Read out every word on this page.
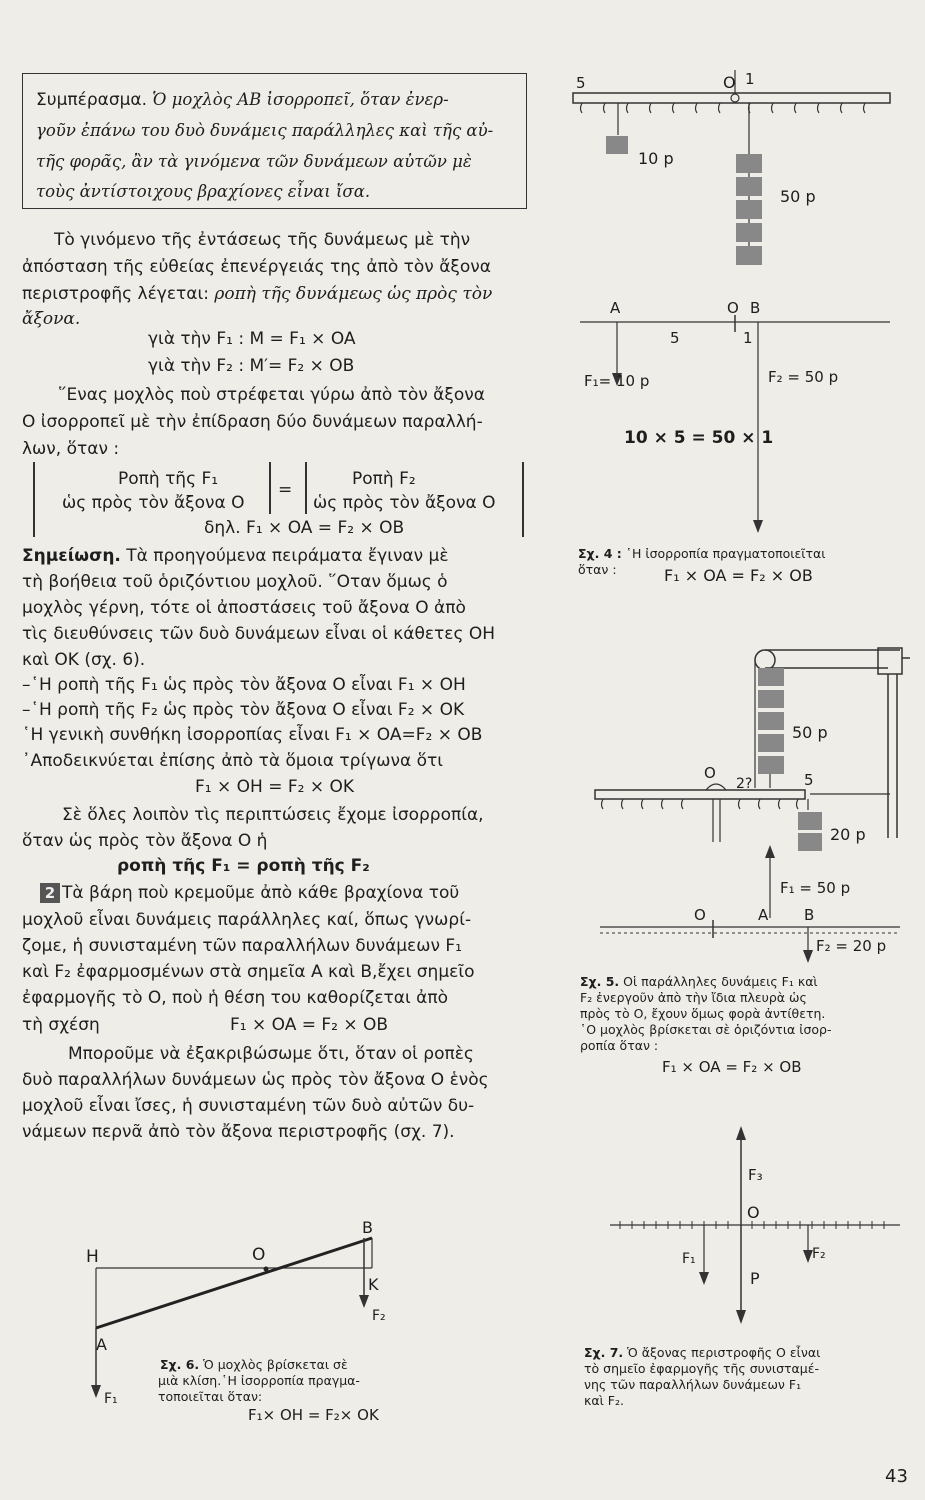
Συμπέρασμα. Ὁ μοχλὸς ΑΒ ἰσορροπεῖ, ὅταν ἐνερ-
γοῦν ἐπάνω του δυὸ δυνάμεις παράλληλες καὶ τῆς αὐ-
τῆς φορᾶς, ἂν τὰ γινόμενα τῶν δυνάμεων αὐτῶν μὲ
τοὺς ἀντίστοιχους βραχίονες εἶναι ἴσα.
Τὸ γινόμενο τῆς ἐντάσεως τῆς δυνάμεως μὲ τὴν
ἀπόσταση τῆς εὐθείας ἐπενέργειάς της ἀπὸ τὸν ἄξονα
περιστροφῆς λέγεται: ροπὴ τῆς δυνάμεως ὡς πρὸς τὸν
ἄξονα.
γιὰ τὴν F₁ : M = F₁ × OA
γιὰ τὴν F₂ : M′= F₂ × OB
῞Ενας μοχλὸς ποὺ στρέφεται γύρω ἀπὸ τὸν ἄξονα
O ἰσορροπεῖ μὲ τὴν ἐπίδραση δύο δυνάμεων παραλλή-
λων, ὅταν :
Ροπὴ τῆς F₁
ὡς πρὸς τὸν ἄξονα O
=
Ροπὴ F₂
ὡς πρὸς τὸν ἄξονα O
δηλ. F₁ × OA = F₂ × OB
Σημείωση. Τὰ προηγούμενα πειράματα ἔγιναν μὲ
τὴ βοήθεια τοῦ ὁριζόντιου μοχλοῦ. ῞Οταν ὅμως ὁ
μοχλὸς γέρνη, τότε οἱ ἀποστάσεις τοῦ ἄξονα O ἀπὸ
τὶς διευθύνσεις τῶν δυὸ δυνάμεων εἶναι οἱ κάθετες OH
καὶ OK (σχ. 6).
–῾Η ροπὴ τῆς F₁ ὡς πρὸς τὸν ἄξονα O εἶναι F₁ × OH
–῾Η ροπὴ τῆς F₂ ὡς πρὸς τὸν ἄξονα O εἶναι F₂ × OK
῾Η γενικὴ συνθήκη ἰσορροπίας εἶναι F₁ × OA=F₂ × OB
᾿Αποδεικνύεται ἐπίσης ἀπὸ τὰ ὅμοια τρίγωνα ὅτι
F₁ × OH = F₂ × OK
Σὲ ὅλες λοιπὸν τὶς περιπτώσεις ἔχομε ἰσορροπία,
ὅταν ὡς πρὸς τὸν ἄξονα O ἡ
ροπὴ τῆς F₁ = ροπὴ τῆς F₂
2 Τὰ βάρη ποὺ κρεμοῦμε ἀπὸ κάθε βραχίονα τοῦ
μοχλοῦ εἶναι δυνάμεις παράλληλες καί, ὅπως γνωρί-
ζομε, ἡ συνισταμένη τῶν παραλλήλων δυνάμεων F₁
καὶ F₂ ἐφαρμοσμένων στὰ σημεῖα A καὶ B,ἔχει σημεῖο
ἐφαρμογῆς τὸ O, ποὺ ἡ θέση του καθορίζεται ἀπὸ
τὴ σχέση	F₁ × OA = F₂ × OB
Μποροῦμε νὰ ἐξακριβώσωμε ὅτι, ὅταν οἱ ροπὲς
δυὸ παραλλήλων δυνάμεων ὡς πρὸς τὸν ἄξονα O ἑνὸς
μοχλοῦ εἶναι ἴσες, ἡ συνισταμένη τῶν δυὸ αὐτῶν δυ-
νάμεων περνᾶ ἀπὸ τὸν ἄξονα περιστροφῆς (σχ. 7).
H	O
B
K
F₂
A
F₁
Σχ. 6. Ὁ μοχλὸς βρίσκεται σὲ
μιὰ κλίση.῾Η ἰσορροπία πραγμα-
τοποιεῖται ὅταν:
F₁× OH = F₂× OK
5	O 1
10 p
50 p
A	O B
5	1
F₁= 10 p	F₂ = 50 p
10 × 5 = 50 × 1
Σχ. 4 : ῾Η ἰσορροπία πραγματοποιεῖται
ὅταν :	F₁ × OA = F₂ × OB
50 p
O
2?	5
20 p
F₁ = 50 p
O	A B
F₂ = 20 p
Σχ. 5. Οἱ παράλληλες δυνάμεις F₁ καὶ
F₂ ἐνεργοῦν ἀπὸ τὴν ἴδια πλευρὰ ὡς
πρὸς τὸ O, ἔχουν ὅμως φορὰ ἀντίθετη.
῾O μοχλὸς βρίσκεται σὲ ὁριζόντια ἰσορ-
ροπία ὅταν :
F₁ × OA = F₂ × OB
F₃
O
F₁	F₂
P
Σχ. 7. Ὁ ἄξονας περιστροφῆς O εἶναι
τὸ σημεῖο ἐφαρμογῆς τῆς συνισταμέ-
νης τῶν παραλλήλων δυνάμεων F₁
καὶ F₂.
43
